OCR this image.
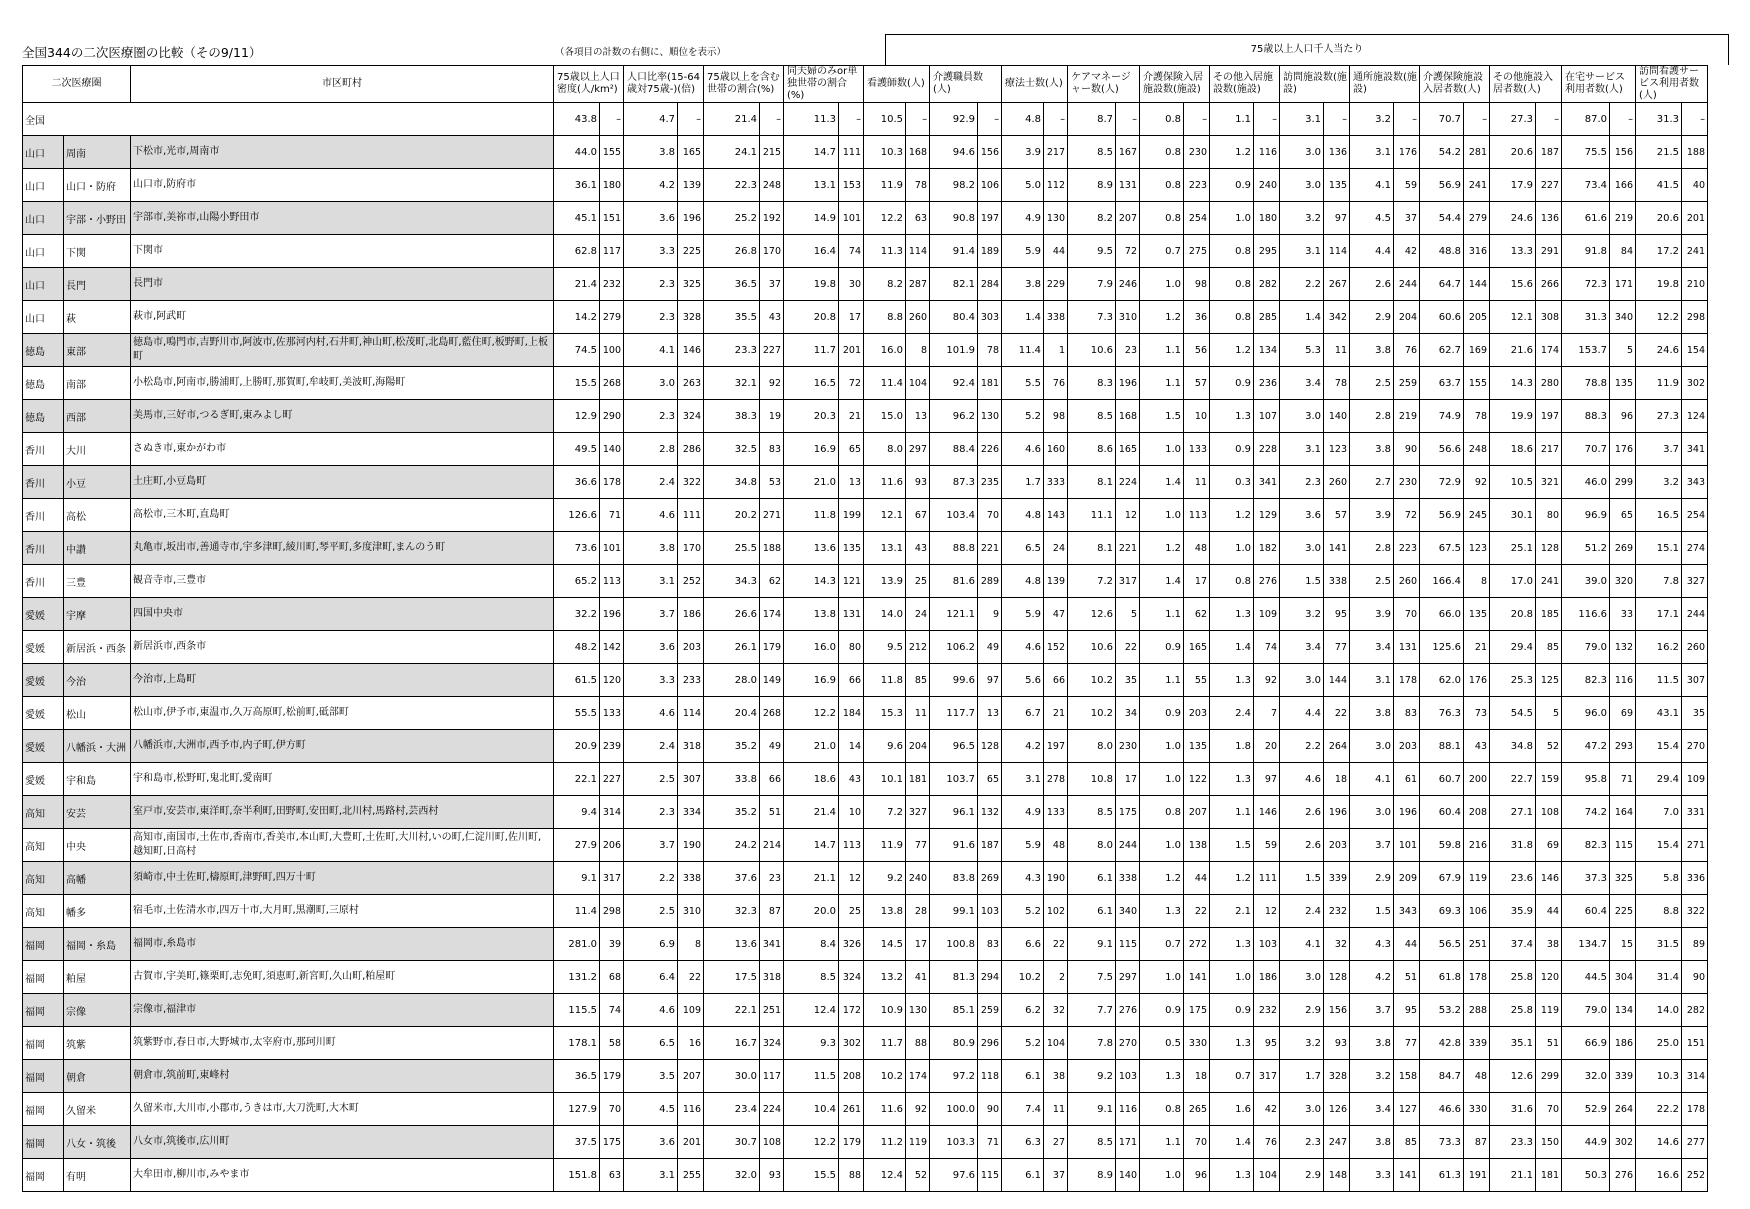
全国344の二次医療圏の比較（その9/11）	（各項目の計数の右側に、順位を表示）	75歳以上人口千人当たり
二次医療圏		市区町村	75歳以上人口密度(人/km²)		人口比率(15-64歳対75歳-)(倍)		75歳以上を含む世帯の割合(%)		同夫婦のみor単独世帯の割合(%)		看護師数(人)		介護職員数(人)		療法士数(人)		ケアマネージャー数(人)		介護保険入居施設数(施設)		その他入居施設数(施設)		訪問施設数(施設)		通所施設数(施設)		介護保険施設入居者数(人)		その他施設入居者数(人)		在宅サービス利用者数(人)		訪問看護サービス利用者数(人)	
全国			43.8	–	4.7	–	21.4	–	11.3	–	10.5	–	92.9	–	4.8	–	8.7	–	0.8	–	1.1	–	3.1	–	3.2	–	70.7	–	27.3	–	87.0	–	31.3	–
山口	周南	下松市,光市,周南市	44.0	155	3.8	165	24.1	215	14.7	111	10.3	168	94.6	156	3.9	217	8.5	167	0.8	230	1.2	116	3.0	136	3.1	176	54.2	281	20.6	187	75.5	156	21.5	188
山口	山口・防府	山口市,防府市	36.1	180	4.2	139	22.3	248	13.1	153	11.9	78	98.2	106	5.0	112	8.9	131	0.8	223	0.9	240	3.0	135	4.1	59	56.9	241	17.9	227	73.4	166	41.5	40
山口	宇部・小野田	宇部市,美祢市,山陽小野田市	45.1	151	3.6	196	25.2	192	14.9	101	12.2	63	90.8	197	4.9	130	8.2	207	0.8	254	1.0	180	3.2	97	4.5	37	54.4	279	24.6	136	61.6	219	20.6	201
山口	下関	下関市	62.8	117	3.3	225	26.8	170	16.4	74	11.3	114	91.4	189	5.9	44	9.5	72	0.7	275	0.8	295	3.1	114	4.4	42	48.8	316	13.3	291	91.8	84	17.2	241
山口	長門	長門市	21.4	232	2.3	325	36.5	37	19.8	30	8.2	287	82.1	284	3.8	229	7.9	246	1.0	98	0.8	282	2.2	267	2.6	244	64.7	144	15.6	266	72.3	171	19.8	210
山口	萩	萩市,阿武町	14.2	279	2.3	328	35.5	43	20.8	17	8.8	260	80.4	303	1.4	338	7.3	310	1.2	36	0.8	285	1.4	342	2.9	204	60.6	205	12.1	308	31.3	340	12.2	298
徳島	東部	徳島市,鳴門市,吉野川市,阿波市,佐那河内村,石井町,神山町,松茂町,北島町,藍住町,板野町,上板町	74.5	100	4.1	146	23.3	227	11.7	201	16.0	8	101.9	78	11.4	1	10.6	23	1.1	56	1.2	134	5.3	11	3.8	76	62.7	169	21.6	174	153.7	5	24.6	154
徳島	南部	小松島市,阿南市,勝浦町,上勝町,那賀町,牟岐町,美波町,海陽町	15.5	268	3.0	263	32.1	92	16.5	72	11.4	104	92.4	181	5.5	76	8.3	196	1.1	57	0.9	236	3.4	78	2.5	259	63.7	155	14.3	280	78.8	135	11.9	302
徳島	西部	美馬市,三好市,つるぎ町,東みよし町	12.9	290	2.3	324	38.3	19	20.3	21	15.0	13	96.2	130	5.2	98	8.5	168	1.5	10	1.3	107	3.0	140	2.8	219	74.9	78	19.9	197	88.3	96	27.3	124
香川	大川	さぬき市,東かがわ市	49.5	140	2.8	286	32.5	83	16.9	65	8.0	297	88.4	226	4.6	160	8.6	165	1.0	133	0.9	228	3.1	123	3.8	90	56.6	248	18.6	217	70.7	176	3.7	341
香川	小豆	土庄町,小豆島町	36.6	178	2.4	322	34.8	53	21.0	13	11.6	93	87.3	235	1.7	333	8.1	224	1.4	11	0.3	341	2.3	260	2.7	230	72.9	92	10.5	321	46.0	299	3.2	343
香川	高松	高松市,三木町,直島町	126.6	71	4.6	111	20.2	271	11.8	199	12.1	67	103.4	70	4.8	143	11.1	12	1.0	113	1.2	129	3.6	57	3.9	72	56.9	245	30.1	80	96.9	65	16.5	254
香川	中讃	丸亀市,坂出市,善通寺市,宇多津町,綾川町,琴平町,多度津町,まんのう町	73.6	101	3.8	170	25.5	188	13.6	135	13.1	43	88.8	221	6.5	24	8.1	221	1.2	48	1.0	182	3.0	141	2.8	223	67.5	123	25.1	128	51.2	269	15.1	274
香川	三豊	観音寺市,三豊市	65.2	113	3.1	252	34.3	62	14.3	121	13.9	25	81.6	289	4.8	139	7.2	317	1.4	17	0.8	276	1.5	338	2.5	260	166.4	8	17.0	241	39.0	320	7.8	327
愛媛	宇摩	四国中央市	32.2	196	3.7	186	26.6	174	13.8	131	14.0	24	121.1	9	5.9	47	12.6	5	1.1	62	1.3	109	3.2	95	3.9	70	66.0	135	20.8	185	116.6	33	17.1	244
愛媛	新居浜・西条	新居浜市,西条市	48.2	142	3.6	203	26.1	179	16.0	80	9.5	212	106.2	49	4.6	152	10.6	22	0.9	165	1.4	74	3.4	77	3.4	131	125.6	21	29.4	85	79.0	132	16.2	260
愛媛	今治	今治市,上島町	61.5	120	3.3	233	28.0	149	16.9	66	11.8	85	99.6	97	5.6	66	10.2	35	1.1	55	1.3	92	3.0	144	3.1	178	62.0	176	25.3	125	82.3	116	11.5	307
愛媛	松山	松山市,伊予市,東温市,久万高原町,松前町,砥部町	55.5	133	4.6	114	20.4	268	12.2	184	15.3	11	117.7	13	6.7	21	10.2	34	0.9	203	2.4	7	4.4	22	3.8	83	76.3	73	54.5	5	96.0	69	43.1	35
愛媛	八幡浜・大洲	八幡浜市,大洲市,西予市,内子町,伊方町	20.9	239	2.4	318	35.2	49	21.0	14	9.6	204	96.5	128	4.2	197	8.0	230	1.0	135	1.8	20	2.2	264	3.0	203	88.1	43	34.8	52	47.2	293	15.4	270
愛媛	宇和島	宇和島市,松野町,鬼北町,愛南町	22.1	227	2.5	307	33.8	66	18.6	43	10.1	181	103.7	65	3.1	278	10.8	17	1.0	122	1.3	97	4.6	18	4.1	61	60.7	200	22.7	159	95.8	71	29.4	109
高知	安芸	室戸市,安芸市,東洋町,奈半利町,田野町,安田町,北川村,馬路村,芸西村	9.4	314	2.3	334	35.2	51	21.4	10	7.2	327	96.1	132	4.9	133	8.5	175	0.8	207	1.1	146	2.6	196	3.0	196	60.4	208	27.1	108	74.2	164	7.0	331
高知	中央	高知市,南国市,土佐市,香南市,香美市,本山町,大豊町,土佐町,大川村,いの町,仁淀川町,佐川町,越知町,日高村	27.9	206	3.7	190	24.2	214	14.7	113	11.9	77	91.6	187	5.9	48	8.0	244	1.0	138	1.5	59	2.6	203	3.7	101	59.8	216	31.8	69	82.3	115	15.4	271
高知	高幡	須崎市,中土佐町,檮原町,津野町,四万十町	9.1	317	2.2	338	37.6	23	21.1	12	9.2	240	83.8	269	4.3	190	6.1	338	1.2	44	1.2	111	1.5	339	2.9	209	67.9	119	23.6	146	37.3	325	5.8	336
高知	幡多	宿毛市,土佐清水市,四万十市,大月町,黒潮町,三原村	11.4	298	2.5	310	32.3	87	20.0	25	13.8	28	99.1	103	5.2	102	6.1	340	1.3	22	2.1	12	2.4	232	1.5	343	69.3	106	35.9	44	60.4	225	8.8	322
福岡	福岡・糸島	福岡市,糸島市	281.0	39	6.9	8	13.6	341	8.4	326	14.5	17	100.8	83	6.6	22	9.1	115	0.7	272	1.3	103	4.1	32	4.3	44	56.5	251	37.4	38	134.7	15	31.5	89
福岡	粕屋	古賀市,宇美町,篠栗町,志免町,須恵町,新宮町,久山町,粕屋町	131.2	68	6.4	22	17.5	318	8.5	324	13.2	41	81.3	294	10.2	2	7.5	297	1.0	141	1.0	186	3.0	128	4.2	51	61.8	178	25.8	120	44.5	304	31.4	90
福岡	宗像	宗像市,福津市	115.5	74	4.6	109	22.1	251	12.4	172	10.9	130	85.1	259	6.2	32	7.7	276	0.9	175	0.9	232	2.9	156	3.7	95	53.2	288	25.8	119	79.0	134	14.0	282
福岡	筑紫	筑紫野市,春日市,大野城市,太宰府市,那珂川町	178.1	58	6.5	16	16.7	324	9.3	302	11.7	88	80.9	296	5.2	104	7.8	270	0.5	330	1.3	95	3.2	93	3.8	77	42.8	339	35.1	51	66.9	186	25.0	151
福岡	朝倉	朝倉市,筑前町,東峰村	36.5	179	3.5	207	30.0	117	11.5	208	10.2	174	97.2	118	6.1	38	9.2	103	1.3	18	0.7	317	1.7	328	3.2	158	84.7	48	12.6	299	32.0	339	10.3	314
福岡	久留米	久留米市,大川市,小郡市,うきは市,大刀洗町,大木町	127.9	70	4.5	116	23.4	224	10.4	261	11.6	92	100.0	90	7.4	11	9.1	116	0.8	265	1.6	42	3.0	126	3.4	127	46.6	330	31.6	70	52.9	264	22.2	178
福岡	八女・筑後	八女市,筑後市,広川町	37.5	175	3.6	201	30.7	108	12.2	179	11.2	119	103.3	71	6.3	27	8.5	171	1.1	70	1.4	76	2.3	247	3.8	85	73.3	87	23.3	150	44.9	302	14.6	277
福岡	有明	大牟田市,柳川市,みやま市	151.8	63	3.1	255	32.0	93	15.5	88	12.4	52	97.6	115	6.1	37	8.9	140	1.0	96	1.3	104	2.9	148	3.3	141	61.3	191	21.1	181	50.3	276	16.6	252
